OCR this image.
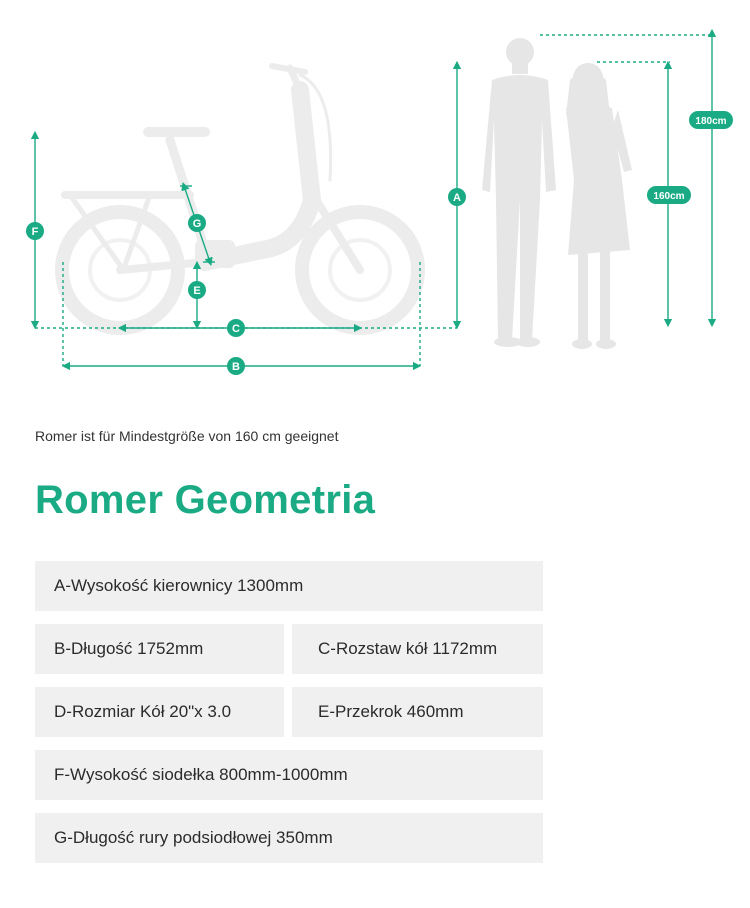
F
A
C
E
G
B
180cm
160cm
Romer ist für Mindestgröße von 160 cm geeignet
Romer Geometria
A-Wysokość kierownicy 1300mm
B-Długość 1752mm	C-Rozstaw kół 1172mm
D-Rozmiar Kół 20"x 3.0	E-Przekrok 460mm
F-Wysokość siodełka 800mm-1000mm
G-Długość rury podsiodłowej 350mm
